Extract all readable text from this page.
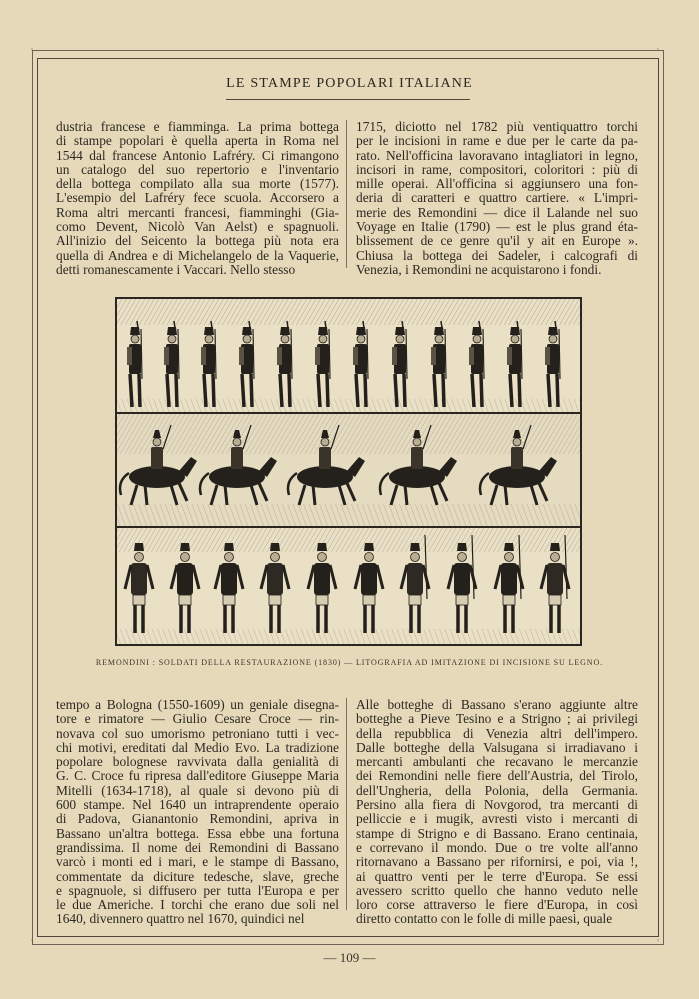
◦	◦
◦	◦
LE STAMPE POPOLARI ITALIANE
dustria francese e fiamminga. La prima bottega
di stampe popolari è quella aperta in Roma nel
1544 dal francese Antonio Lafréry. Ci rimangono
un catalogo del suo repertorio e l'inventario
della bottega compilato alla sua morte (1577).
L'esempio del Lafréry fece scuola. Accorsero a
Roma altri mercanti francesi, fiamminghi (Gia-
como Devent, Nicolò Van Aelst) e spagnuoli.
All'inizio del Seicento la bottega più nota era
quella di Andrea e di Michelangelo de la Vaquerie,
detti romanescamente i Vaccari. Nello stesso
1715, diciotto nel 1782 più ventiquattro torchi
per le incisioni in rame e due per le carte da pa-
rato. Nell'officina lavoravano intagliatori in legno,
incisori in rame, compositori, coloritori : più di
mille operai. All'officina si aggiunsero una fon-
deria di caratteri e quattro cartiere. « L'impri-
merie des Remondini — dice il Lalande nel suo
Voyage en Italie (1790) — est le plus grand éta-
blissement de ce genre qu'il y ait en Europe ».
Chiusa la bottega dei Sadeler, i calcografi di
Venezia, i Remondini ne acquistarono i fondi.
REMONDINI : SOLDATI DELLA RESTAURAZIONE (1830) — LITOGRAFIA AD IMITAZIONE DI INCISIONE SU LEGNO.
tempo a Bologna (1550-1609) un geniale disegna-
tore e rimatore — Giulio Cesare Croce — rin-
novava col suo umorismo petroniano tutti i vec-
chi motivi, ereditati dal Medio Evo. La tradizione
popolare bolognese ravvivata dalla genialità di
G. C. Croce fu ripresa dall'editore Giuseppe Maria
Mitelli (1634-1718), al quale si devono più di
600 stampe. Nel 1640 un intraprendente operaio
di Padova, Gianantonio Remondini, apriva in
Bassano un'altra bottega. Essa ebbe una fortuna
grandissima. Il nome dei Remondini di Bassano
varcò i monti ed i mari, e le stampe di Bassano,
commentate da diciture tedesche, slave, greche
e spagnuole, si diffusero per tutta l'Europa e per
le due Americhe. I torchi che erano due soli nel
1640, divennero quattro nel 1670, quindici nel
Alle botteghe di Bassano s'erano aggiunte altre
botteghe a Pieve Tesino e a Strigno ; ai privilegi
della repubblica di Venezia altri dell'impero.
Dalle botteghe della Valsugana si irradiavano i
mercanti ambulanti che recavano le mercanzie
dei Remondini nelle fiere dell'Austria, del Tirolo,
dell'Ungheria, della Polonia, della Germania.
Persino alla fiera di Novgorod, tra mercanti di
pelliccie e i mugik, avresti visto i mercanti di
stampe di Strigno e di Bassano. Erano centinaia,
e correvano il mondo. Due o tre volte all'anno
ritornavano a Bassano per rifornirsi, e poi, via !,
ai quattro venti per le terre d'Europa. Se essi
avessero scritto quello che hanno veduto nelle
loro corse attraverso le fiere d'Europa, in così
diretto contatto con le folle di mille paesi, quale
— 109 —
